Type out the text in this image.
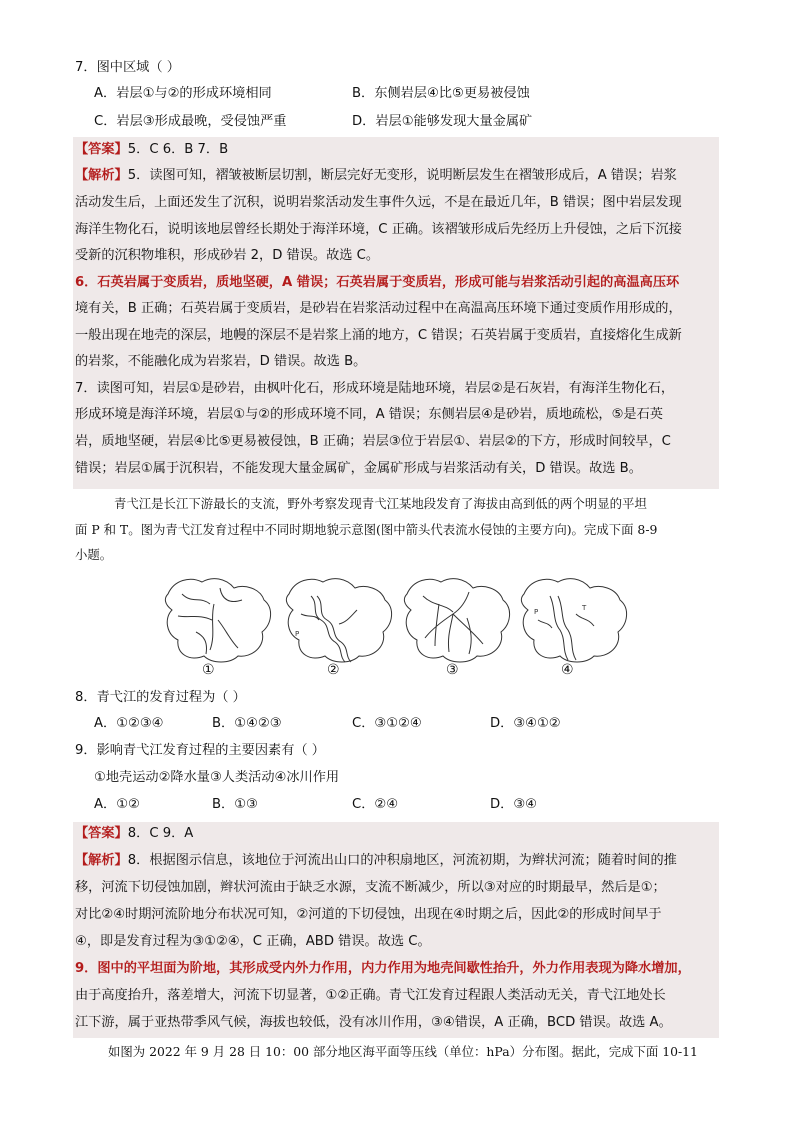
7．图中区域（ ）
A．岩层①与②的形成环境相同	B．东侧岩层④比⑤更易被侵蚀
C．岩层③形成最晚，受侵蚀严重	D．岩层①能够发现大量金属矿
【答案】5．C 6．B 7．B
【解析】5．读图可知，褶皱被断层切割，断层完好无变形，说明断层发生在褶皱形成后，A 错误；岩浆
活动发生后，上面还发生了沉积，说明岩浆活动发生事件久远，不是在最近几年，B 错误；图中岩层发现
海洋生物化石，说明该地层曾经长期处于海洋环境，C 正确。该褶皱形成后先经历上升侵蚀，之后下沉接
受新的沉积物堆积，形成砂岩 2，D 错误。故选 C。
6．石英岩属于变质岩，质地坚硬，A 错误；石英岩属于变质岩，形成可能与岩浆活动引起的高温高压环
境有关，B 正确；石英岩属于变质岩，是砂岩在岩浆活动过程中在高温高压环境下通过变质作用形成的，
一般出现在地壳的深层，地幔的深层不是岩浆上涌的地方，C 错误；石英岩属于变质岩，直接熔化生成新
的岩浆，不能融化成为岩浆岩，D 错误。故选 B。
7．读图可知，岩层①是砂岩，由枫叶化石，形成环境是陆地环境，岩层②是石灰岩，有海洋生物化石，
形成环境是海洋环境，岩层①与②的形成环境不同，A 错误；东侧岩层④是砂岩，质地疏松，⑤是石英
岩，质地坚硬，岩层④比⑤更易被侵蚀，B 正确；岩层③位于岩层①、岩层②的下方，形成时间较早，C
错误；岩层①属于沉积岩，不能发现大量金属矿，金属矿形成与岩浆活动有关，D 错误。故选 B。
青弋江是长江下游最长的支流，野外考察发现青弋江某地段发育了海拔由高到低的两个明显的平坦
面 P 和 T。图为青弋江发育过程中不同时期地貌示意图(图中箭头代表流水侵蚀的主要方向)。完成下面 8-9
小题。
P
P	T
①	②	③	④
8．青弋江的发育过程为（ ）
A．①②③④	B．①④②③	C．③①②④	D．③④①②
9．影响青弋江发育过程的主要因素有（ ）
①地壳运动②降水量③人类活动④冰川作用
A．①②	B．①③	C．②④	D．③④
【答案】8．C 9．A
【解析】8．根据图示信息，该地位于河流出山口的冲积扇地区，河流初期，为辫状河流；随着时间的推
移，河流下切侵蚀加剧，辫状河流由于缺乏水源，支流不断减少，所以③对应的时期最早，然后是①；
对比②④时期河流阶地分布状况可知，②河道的下切侵蚀，出现在④时期之后，因此②的形成时间早于
④，即是发育过程为③①②④，C 正确，ABD 错误。故选 C。
9．图中的平坦面为阶地，其形成受内外力作用，内力作用为地壳间歇性抬升，外力作用表现为降水增加，
由于高度抬升，落差增大，河流下切显著，①②正确。青弋江发育过程跟人类活动无关，青弋江地处长
江下游，属于亚热带季风气候，海拔也较低，没有冰川作用，③④错误，A 正确，BCD 错误。故选 A。
如图为 2022 年 9 月 28 日 10：00 部分地区海平面等压线（单位：hPa）分布图。据此，完成下面 10-11
